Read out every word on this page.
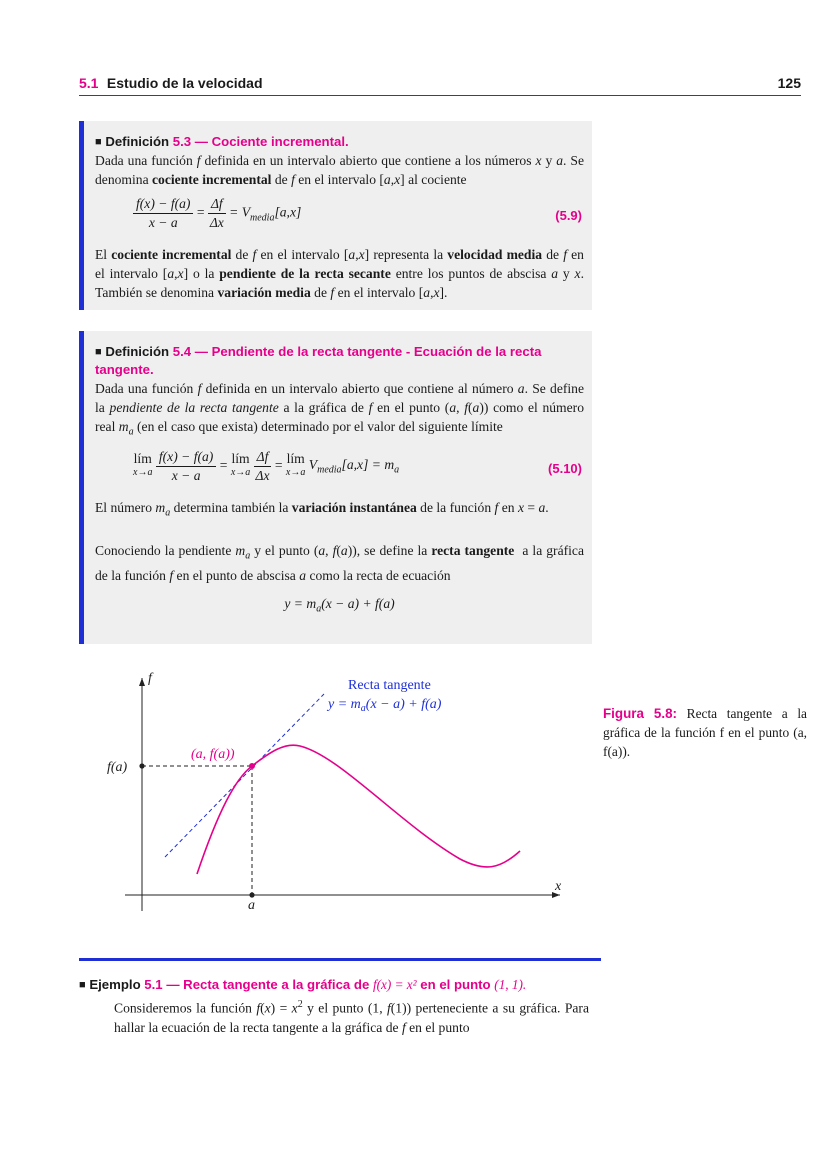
5.1 Estudio de la velocidad	125
■ Definición 5.3 — Cociente incremental.
Dada una función f definida en un intervalo abierto que contiene a los números x y a. Se denomina cociente incremental de f en el intervalo [a,x] al cociente
$\frac{f(x) - f(a)}{x - a} = \frac{\Delta f}{\Delta x} = V_{media}[a,x]$	(5.9)
El cociente incremental de f en el intervalo [a,x] representa la velocidad media de f en el intervalo [a,x] o la pendiente de la recta secante entre los puntos de abscisa a y x. También se denomina variación media de f en el intervalo [a,x].
■ Definición 5.4 — Pendiente de la recta tangente - Ecuación de la recta tangente.
Dada una función f definida en un intervalo abierto que contiene al número a. Se define la pendiente de la recta tangente a la gráfica de f en el punto (a, f(a)) como el número real $m_a$ (en el caso que exista) determinado por el valor del siguiente límite
lím
x→a
$\frac{f(x) - f(a)}{x - a}$ = lím
x→a
$\frac{\Delta f}{\Delta x}$ = lím
x→a
$V_{media}[a,x] = m_a$	(5.10)
El número $m_a$ determina también la variación instantánea de la función f en x = a.
Conociendo la pendiente $m_a$ y el punto (a, f(a)), se define la recta tangente  a la gráfica de la función f en el punto de abscisa a como la recta de ecuación
$y = m_a(x - a) + f(a)$
f
x
a
f(a)
(a, f(a))
Recta tangente
$y = m_a(x - a) + f(a)$
Figura 5.8: Recta tangente a la gráfica de la función f en el punto (a, f(a)).
■ Ejemplo 5.1 — Recta tangente a la gráfica de f(x) = x² en el punto (1, 1).
Consideremos la función $f(x) = x^2$ y el punto (1, f(1)) perteneciente a su gráfica. Para hallar la ecuación de la recta tangente a la gráfica de f en el punto
